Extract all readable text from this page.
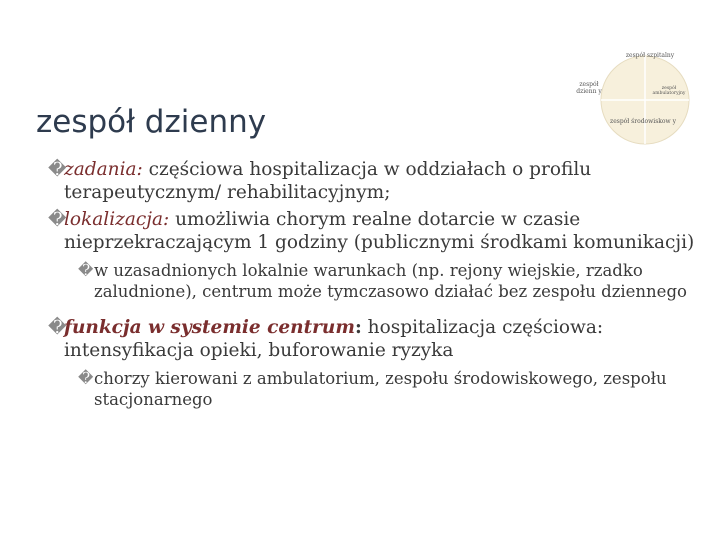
zespół dzienny
zespół szpitalny
zespół dzienn y	zespół ambulatoryjny
zespół środowiskow y

�
zadania: częściowa hospitalizacja w oddziałach o profilu terapeutycznym/ rehabilitacyjnym;

�
lokalizacja: umożliwia chorym realne dotarcie w czasie nieprzekraczającym 1 godziny (publicznymi środkami komunikacji)

� w uzasadnionych lokalnie warunkach (np. rejony wiejskie, rzadko zaludnione), centrum może tymczasowo działać bez zespołu dziennego

�
funkcja w systemie centrum: hospitalizacja częściowa: intensyfikacja opieki, buforowanie ryzyka

� chorzy kierowani z ambulatorium, zespołu środowiskowego, zespołu stacjonarnego
